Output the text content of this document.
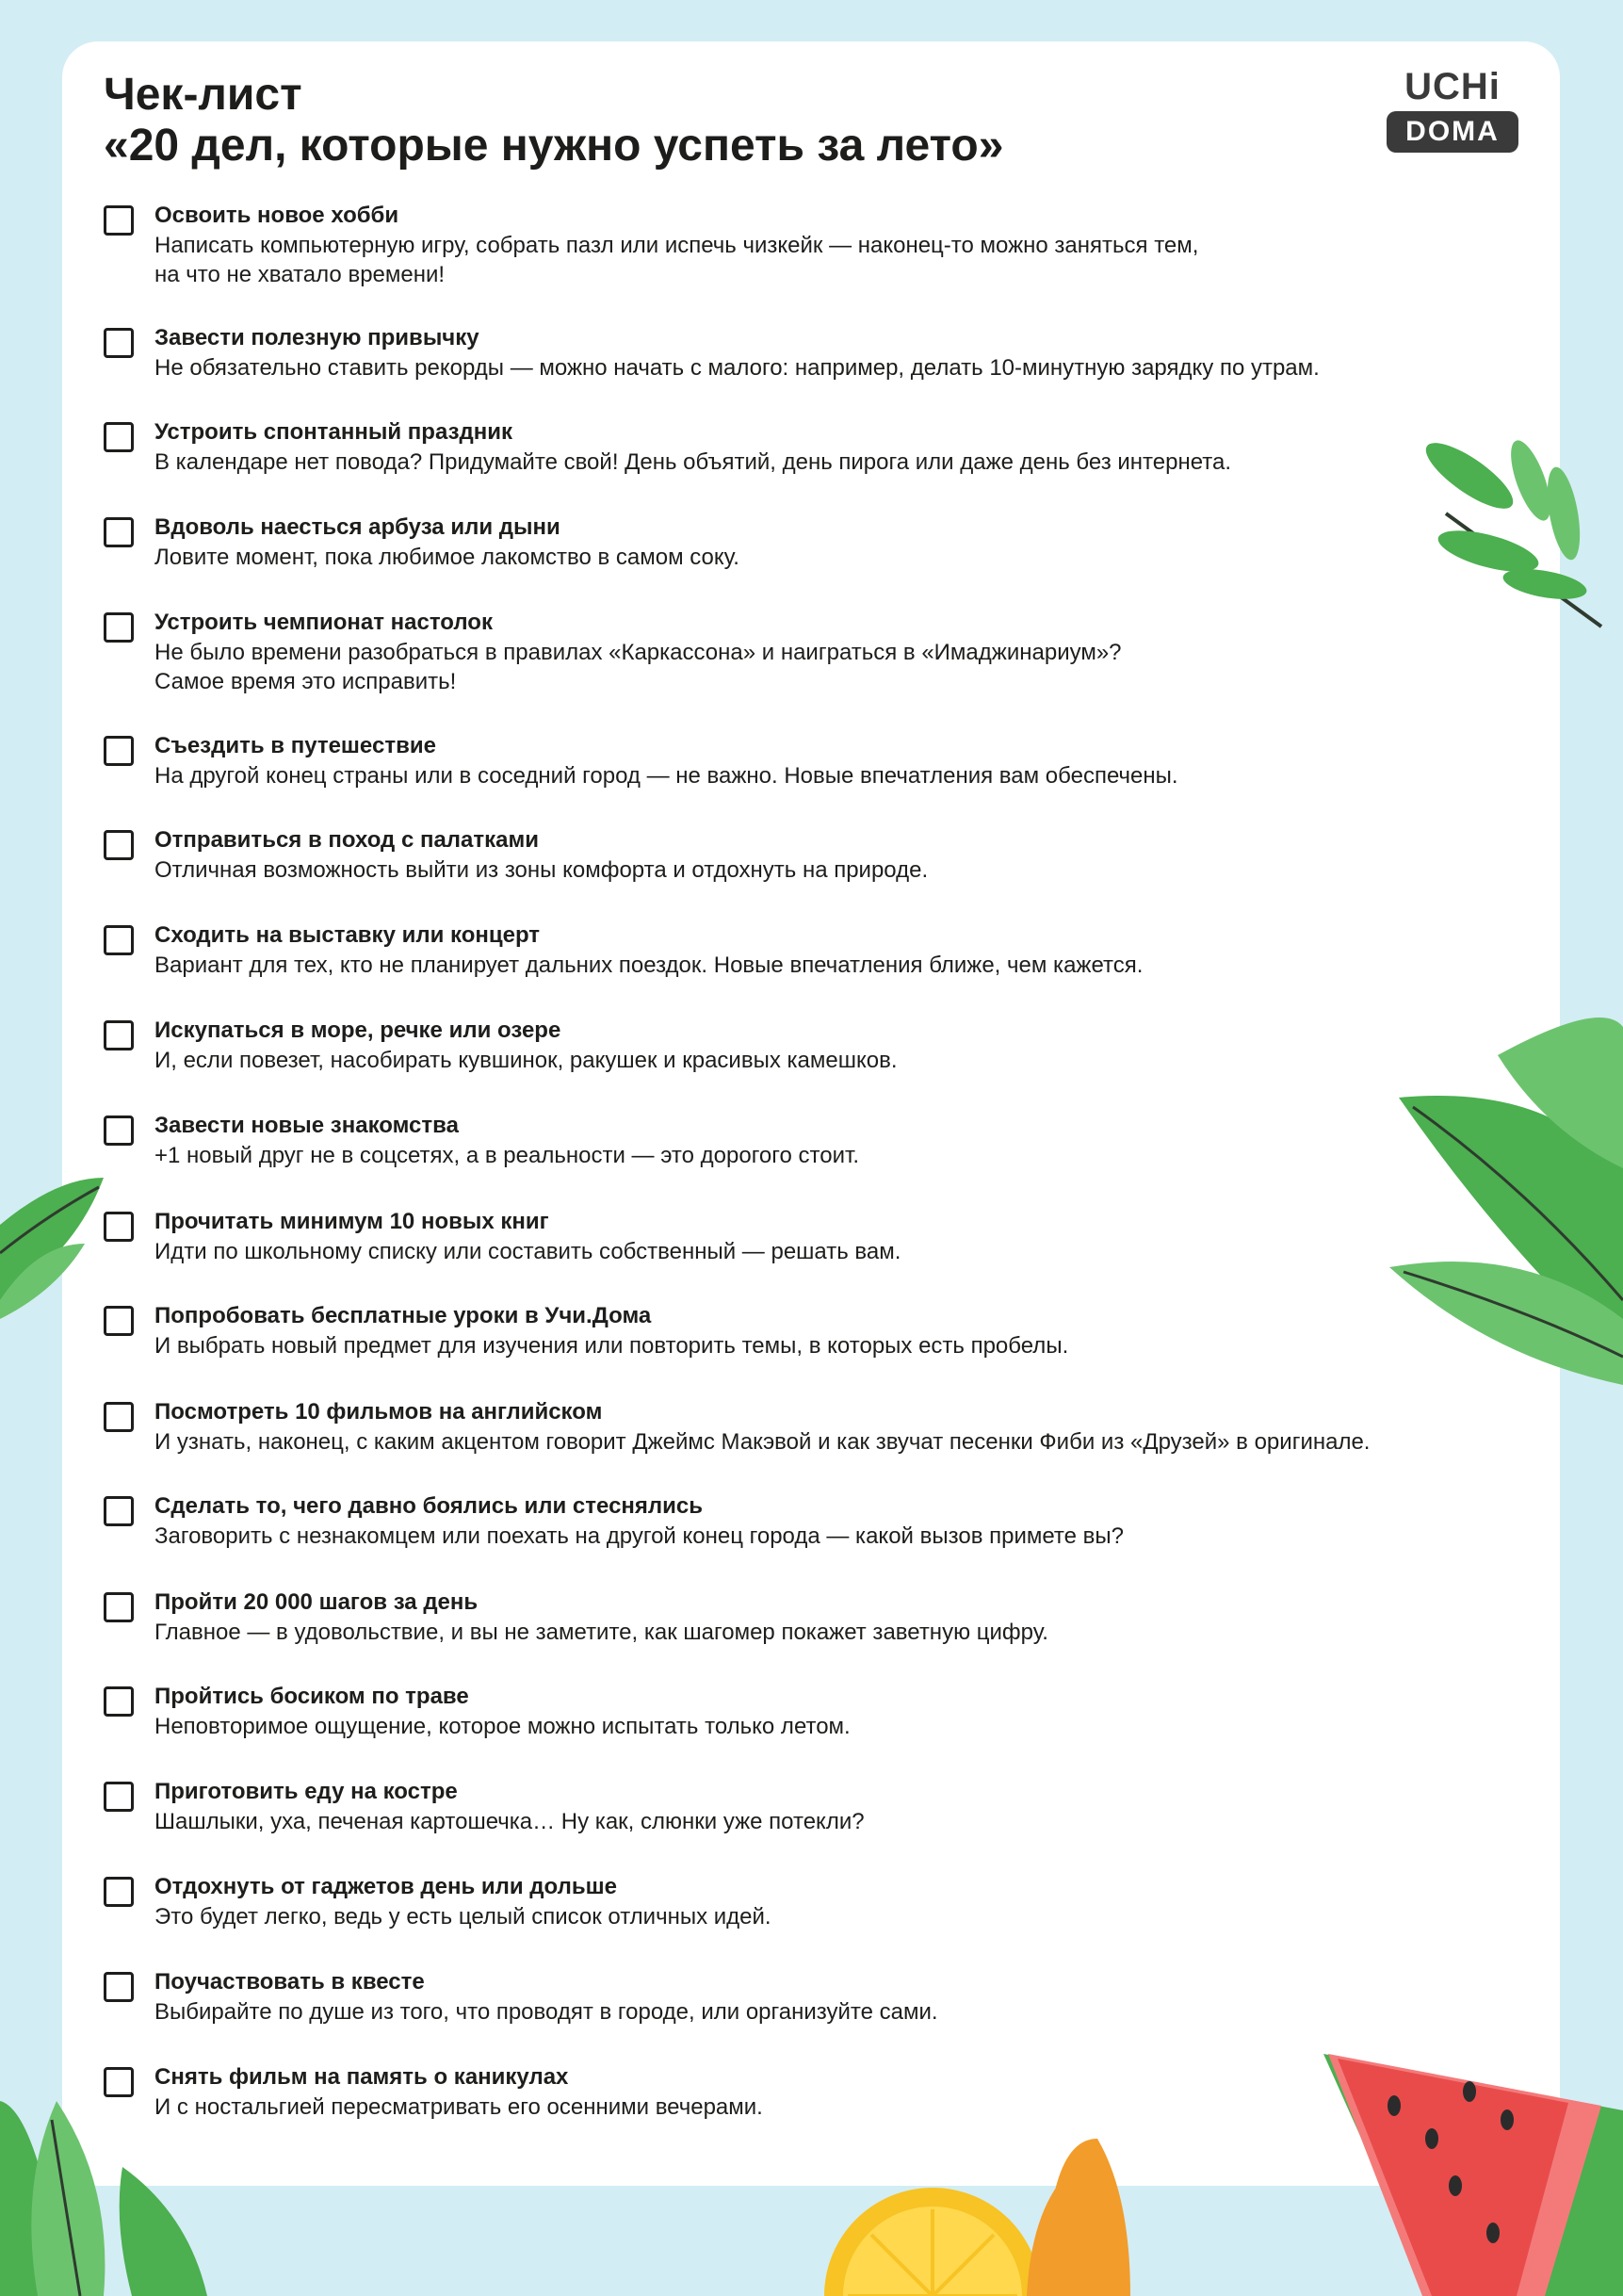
Чек-лист
«20 дел, которые нужно успеть за лето»
UCHi
DOMA
Освоить новое хобби
Написать компьютерную игру, собрать пазл или испечь чизкейк — наконец-то можно заняться тем,
на что не хватало времени!
Завести полезную привычку
Не обязательно ставить рекорды — можно начать с малого: например, делать 10-минутную зарядку по утрам.
Устроить спонтанный праздник
В календаре нет повода? Придумайте свой! День объятий, день пирога или даже день без интернета.
Вдоволь наесться арбуза или дыни
Ловите момент, пока любимое лакомство в самом соку.
Устроить чемпионат настолок
Не было времени разобраться в правилах «Каркассона» и наиграться в «Имаджинариум»?
Самое время это исправить!
Съездить в путешествие
На другой конец страны или в соседний город — не важно. Новые впечатления вам обеспечены.
Отправиться в поход с палатками
Отличная возможность выйти из зоны комфорта и отдохнуть на природе.
Сходить на выставку или концерт
Вариант для тех, кто не планирует дальних поездок. Новые впечатления ближе, чем кажется.
Искупаться в море, речке или озере
И, если повезет, насобирать кувшинок, ракушек и красивых камешков.
Завести новые знакомства
+1 новый друг не в соцсетях, а в реальности — это дорогого стоит.
Прочитать минимум 10 новых книг
Идти по школьному списку или составить собственный — решать вам.
Попробовать бесплатные уроки в Учи.Дома
И выбрать новый предмет для изучения или повторить темы, в которых есть пробелы.
Посмотреть 10 фильмов на английском
И узнать, наконец, с каким акцентом говорит Джеймс Макэвой и как звучат песенки Фиби из «Друзей» в оригинале.
Сделать то, чего давно боялись или стеснялись
Заговорить с незнакомцем или поехать на другой конец города — какой вызов примете вы?
Пройти 20 000 шагов за день
Главное — в удовольствие, и вы не заметите, как шагомер покажет заветную цифру.
Пройтись босиком по траве
Неповторимое ощущение, которое можно испытать только летом.
Приготовить еду на костре
Шашлыки, уха, печеная картошечка… Ну как, слюнки уже потекли?
Отдохнуть от гаджетов день или дольше
Это будет легко, ведь у есть целый список отличных идей.
Поучаствовать в квесте
Выбирайте по душе из того, что проводят в городе, или организуйте сами.
Снять фильм на память о каникулах
И с ностальгией пересматривать его осенними вечерами.
